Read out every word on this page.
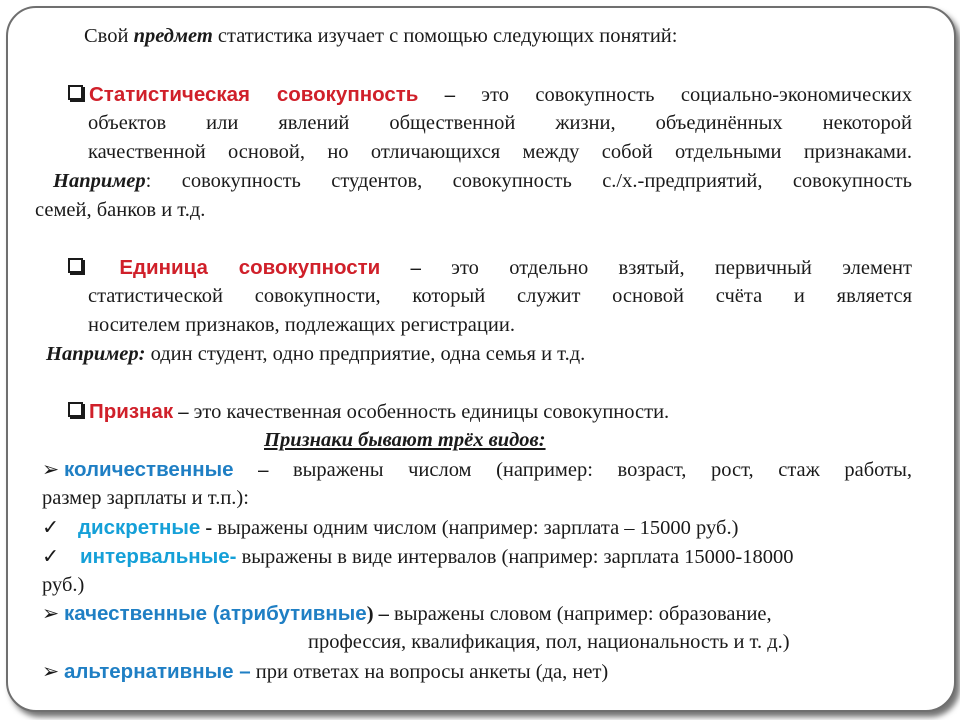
Свой предмет статистика изучает с помощью следующих понятий:
Статистическая совокупность – это совокупность социально-экономических
объектов или явлений общественной жизни, объединённых некоторой
качественной основой, но отличающихся между собой отдельными признаками.
Например: совокупность студентов, совокупность с./х.-предприятий, совокупность
семей, банков и т.д.
Единица совокупности – это отдельно взятый, первичный элемент
статистической совокупности, который служит основой счёта и является
носителем признаков, подлежащих регистрации.
Например: один студент, одно предприятие, одна семья и т.д.
Признак – это качественная особенность единицы совокупности.
Признаки бывают трёх видов:
➢ количественные – выражены числом (например: возраст, рост, стаж работы,
размер зарплаты и т.п.):
✓ дискретные - выражены одним числом (например: зарплата – 15000 руб.)
✓ интервальные- выражены в виде интервалов (например: зарплата 15000-18000
руб.)
➢ качественные (атрибутивные) – выражены словом (например: образование,
профессия, квалификация, пол, национальность и т. д.)
➢ альтернативные – при ответах на вопросы анкеты (да, нет)
